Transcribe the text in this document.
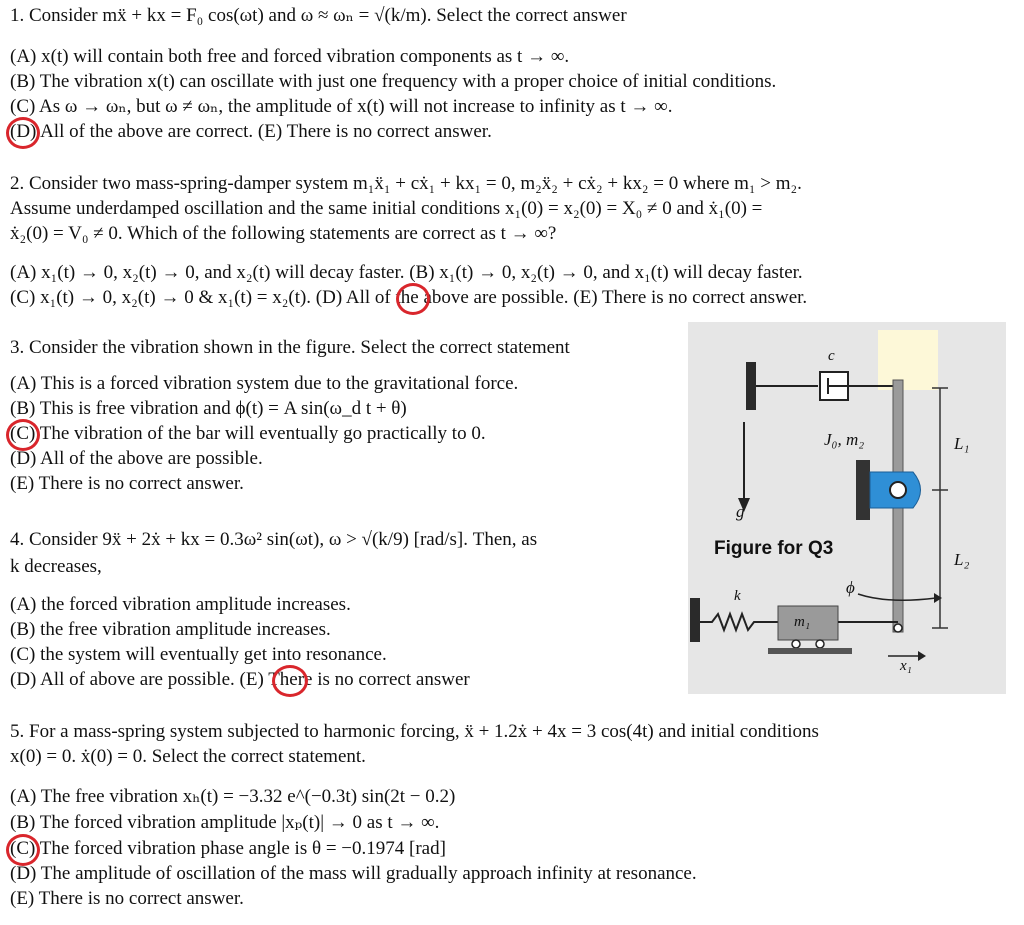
1. Consider mẍ + kx = F₀ cos(ωt) and ω ≈ ωₙ = √(k/m). Select the correct answer
(A) x(t) will contain both free and forced vibration components as t → ∞.
(B) The vibration x(t) can oscillate with just one frequency with a proper choice of initial conditions.
(C) As ω → ωₙ, but ω ≠ ωₙ, the amplitude of x(t) will not increase to infinity as t → ∞.
(D) All of the above are correct. (E) There is no correct answer.
2. Consider two mass-spring-damper system m₁ẍ₁ + cẋ₁ + kx₁ = 0, m₂ẍ₂ + cẋ₂ + kx₂ = 0 where m₁ > m₂.
Assume underdamped oscillation and the same initial conditions x₁(0) = x₂(0) = X₀ ≠ 0 and ẋ₁(0) =
ẋ₂(0) = V₀ ≠ 0. Which of the following statements are correct as t → ∞?
(A) x₁(t) → 0, x₂(t) → 0, and x₂(t) will decay faster. (B) x₁(t) → 0, x₂(t) → 0, and x₁(t) will decay faster.
(C) x₁(t) → 0, x₂(t) → 0 & x₁(t) = x₂(t). (D) All of the above are possible. (E) There is no correct answer.
3. Consider the vibration shown in the figure. Select the correct statement
(A) This is a forced vibration system due to the gravitational force.
(B) This is free vibration and ϕ(t) = A sin(ω_d t + θ)
(C) The vibration of the bar will eventually go practically to 0.
(D) All of the above are possible.
(E) There is no correct answer.
4. Consider 9ẍ + 2ẋ + kx = 0.3ω² sin(ωt), ω > √(k/9) [rad/s]. Then, as
k decreases,
(A) the forced vibration amplitude increases.
(B) the free vibration amplitude increases.
(C) the system will eventually get into resonance.
(D) All of above are possible. (E) There is no correct answer
5. For a mass-spring system subjected to harmonic forcing, ẍ + 1.2ẋ + 4x = 3 cos(4t) and initial conditions
x(0) = 0. ẋ(0) = 0. Select the correct statement.
(A) The free vibration xₕ(t) = −3.32 e^(−0.3t) sin(2t − 0.2)
(B) The forced vibration amplitude |xₚ(t)| → 0 as t → ∞.
(C) The forced vibration phase angle is θ = −0.1974 [rad]
(D) The amplitude of oscillation of the mass will gradually approach infinity at resonance.
(E) There is no correct answer.
Figure for Q3
c
J₀, m₂	L₁
L₂
g
k
m₁
ϕ
x₁
